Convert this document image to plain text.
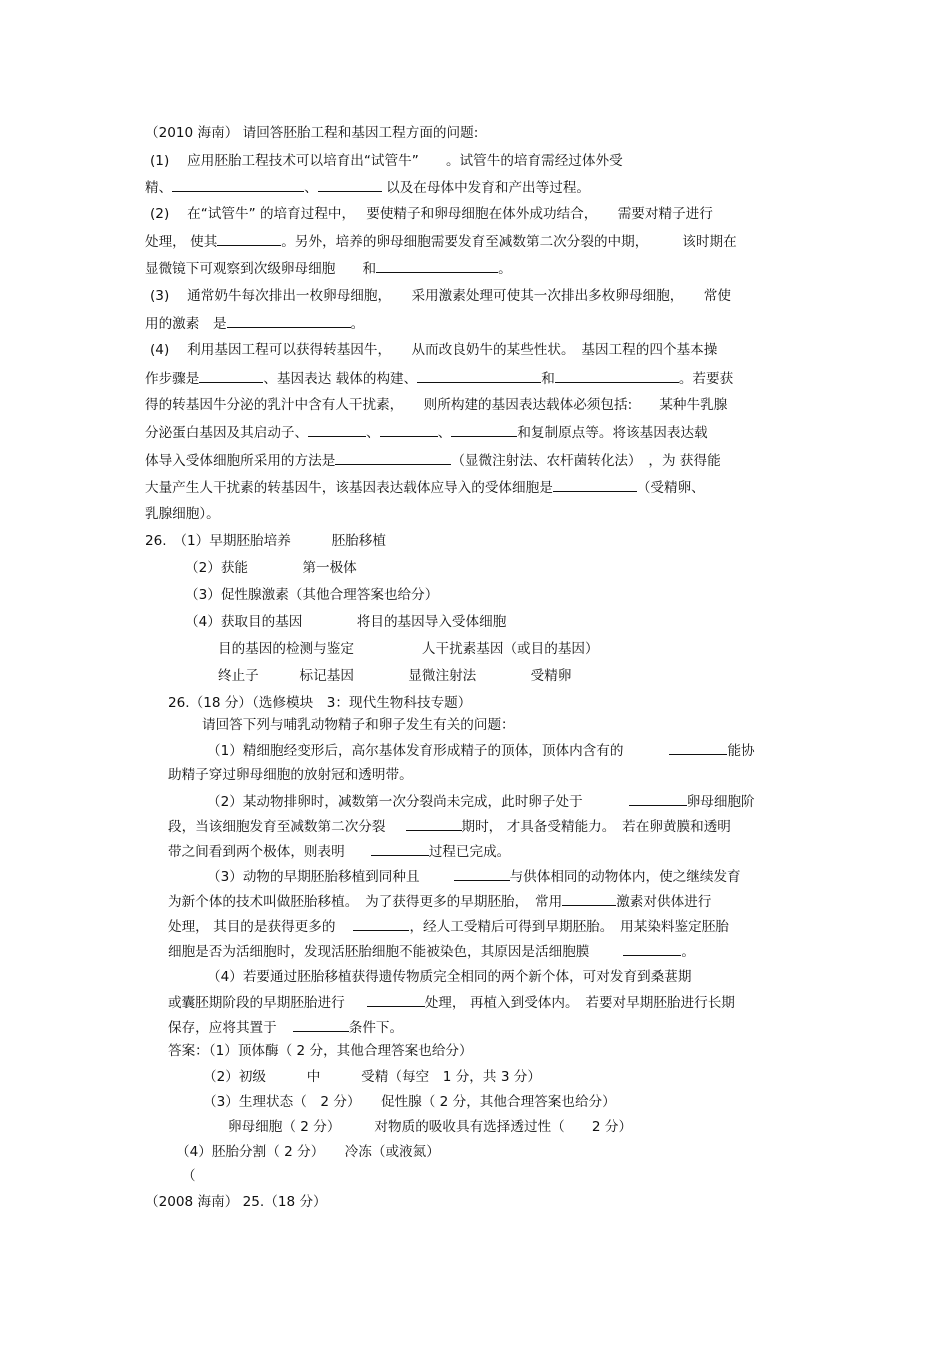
（2010 海南） 请回答胚胎工程和基因工程方面的问题:
(1)　 应用胚胎工程技术可以培育出“试管牛”　　。试管牛的培育需经过体外受
精、	、	以及在母体中发育和产出等过程。
(2)　 在“试管牛” 的培育过程中，　 要使精子和卵母细胞在体外成功结合，　　需要对精子进行
处理， 使其	。另外，培养的卵母细胞需要发育至减数第二次分裂的中期，　　　该时期在
显微镜下可观察到次级卵母细胞　　和	。
(3)　 通常奶牛每次排出一枚卵母细胞，　　采用激素处理可使其一次排出多枚卵母细胞，　　常使
用的激素　是	。
(4)　 利用基因工程可以获得转基因牛，　　从而改良奶牛的某些性状。　基因工程的四个基本操
作步骤是	、基因表达 载体的构建、	和	。若要获
得的转基因牛分泌的乳汁中含有人干扰素，　　则所构建的基因表达载体必须包括:　　某种牛乳腺
分泌蛋白基因及其启动子、	、	、	和复制原点等。将该基因表达载
体导入受体细胞所采用的方法是	（显微注射法、农杆菌转化法）　，为 获得能
大量产生人干扰素的转基因牛，该基因表达载体应导入的受体细胞是	（受精卵、
乳腺细胞）。
26.　（1）早期胚胎培养　　　胚胎移植
（2）获能　　　　第一极体
（3）促性腺激素（其他合理答案也给分）
（4）获取目的基因　　　　将目的基因导入受体细胞
目的基因的检测与鉴定　　　　　人干扰素基因（或目的基因）
终止子　　　标记基因　　　　显微注射法　　　　受精卵
26.（18 分）（选修模块　3：现代生物科技专题）
请回答下列与哺乳动物精子和卵子发生有关的问题：
（1）精细胞经变形后，高尔基体发育形成精子的顶体，顶体内含有的	能协
助精子穿过卵母细胞的放射冠和透明带。
（2）某动物排卵时，减数第一次分裂尚未完成，此时卵子处于	卵母细胞阶
段，当该细胞发育至减数第二次分裂	期时， 才具备受精能力。　若在卵黄膜和透明
带之间看到两个极体，则表明	过程已完成。
（3）动物的早期胚胎移植到同种且	与供体相同的动物体内，使之继续发育
为新个体的技术叫做胚胎移植。　为了获得更多的早期胚胎，　常用	激素对供体进行
处理， 其目的是获得更多的	，经人工受精后可得到早期胚胎。　用某染料鉴定胚胎
细胞是否为活细胞时，发现活胚胎细胞不能被染色，其原因是活细胞膜	。
（4）若要通过胚胎移植获得遗传物质完全相同的两个新个体，可对发育到桑葚期
或囊胚期阶段的早期胚胎进行	处理， 再植入到受体内。　若要对早期胚胎进行长期
保存，应将其置于	条件下。
答案：（1）顶体酶（ 2 分，其他合理答案也给分）
（2）初级　　　中　　　受精（每空　1 分，共 3 分）
（3）生理状态（　2 分）　　促性腺（ 2 分，其他合理答案也给分）
卵母细胞（ 2 分）　　　对物质的吸收具有选择透过性（　　2 分）
（4）胚胎分割（ 2 分）　　冷冻（或液氮）
（
（2008 海南） 25.（18 分）
